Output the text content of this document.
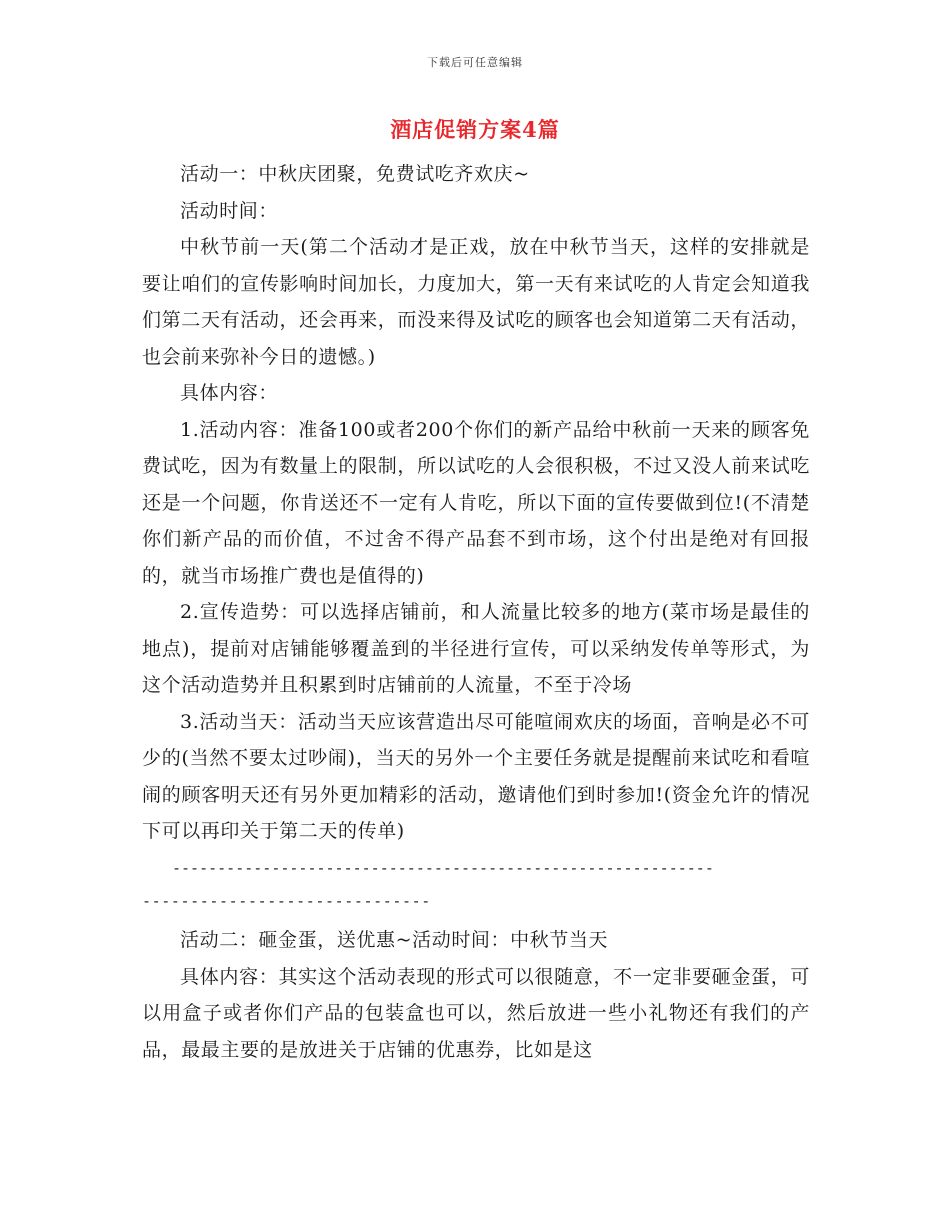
下载后可任意编辑
酒店促销方案4篇

活动一：中秋庆团聚，免费试吃齐欢庆~

活动时间：

中秋节前一天(第二个活动才是正戏，放在中秋节当天，这样的安排就是要让咱们的宣传影响时间加长，力度加大，第一天有来试吃的人肯定会知道我们第二天有活动，还会再来，而没来得及试吃的顾客也会知道第二天有活动，也会前来弥补今日的遗憾。)

具体内容：

1.活动内容：准备100或者200个你们的新产品给中秋前一天来的顾客免费试吃，因为有数量上的限制，所以试吃的人会很积极，不过又没人前来试吃还是一个问题，你肯送还不一定有人肯吃，所以下面的宣传要做到位!(不清楚你们新产品的而价值，不过舍不得产品套不到市场，这个付出是绝对有回报的，就当市场推广费也是值得的)

2.宣传造势：可以选择店铺前，和人流量比较多的地方(菜市场是最佳的地点)，提前对店铺能够覆盖到的半径进行宣传，可以采纳发传单等形式，为这个活动造势并且积累到时店铺前的人流量，不至于冷场

3.活动当天：活动当天应该营造出尽可能喧闹欢庆的场面，音响是必不可少的(当然不要太过吵闹)，当天的另外一个主要任务就是提醒前来试吃和看喧闹的顾客明天还有另外更加精彩的活动，邀请他们到时参加!(资金允许的情况下可以再印关于第二天的传单)

------------------------------------------------------------
------------------------------

活动二：砸金蛋，送优惠~活动时间：中秋节当天

具体内容：其实这个活动表现的形式可以很随意，不一定非要砸金蛋，可以用盒子或者你们产品的包装盒也可以，然后放进一些小礼物还有我们的产品，最最主要的是放进关于店铺的优惠券，比如是这
